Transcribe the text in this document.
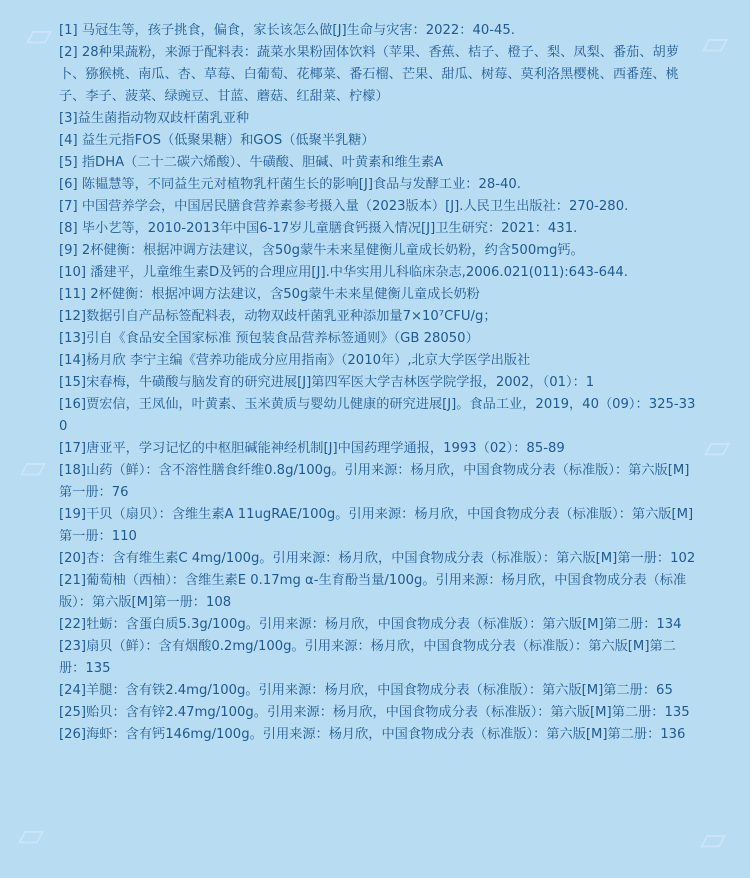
▱	▱
▱	▱
▱	▱
[1] 马冠生等，孩子挑食，偏食，家长该怎么做[J]生命与灾害：2022：40-45.
[2] 28种果蔬粉，来源于配料表：蔬菜水果粉固体饮料（苹果、香蕉、桔子、橙子、梨、凤梨、番茄、胡萝卜、猕猴桃、南瓜、杏、草莓、白葡萄、花椰菜、番石榴、芒果、甜瓜、树莓、莫利洛黑樱桃、西番莲、桃子、李子、菠菜、绿豌豆、甘蓝、蘑菇、红甜菜、柠檬）
[3]益生菌指动物双歧杆菌乳亚种
[4] 益生元指FOS（低聚果糖）和GOS（低聚半乳糖）
[5] 指DHA（二十二碳六烯酸）、牛磺酸、胆碱、叶黄素和维生素A
[6] 陈韫慧等，不同益生元对植物乳杆菌生长的影响[J]食品与发酵工业：28-40.
[7] 中国营养学会，中国居民膳食营养素参考摄入量（2023版本）[J].人民卫生出版社：270-280.
[8] 毕小艺等，2010-2013年中国6-17岁儿童膳食钙摄入情况[J]卫生研究：2021：431.
[9] 2杯健衡：根据冲调方法建议，含50g蒙牛未来星健衡儿童成长奶粉，约含500mg钙。
[10] 潘建平，儿童维生素D及钙的合理应用[J].中华实用儿科临床杂志,2006.021(011):643-644.
[11] 2杯健衡：根据冲调方法建议，含50g蒙牛未来星健衡儿童成长奶粉
[12]数据引自产品标签配料表，动物双歧杆菌乳亚种添加量7×10⁷CFU/g；
[13]引自《食品安全国家标准 预包装食品营养标签通则》（GB 28050）
[14]杨月欣 李宁主编《营养功能成分应用指南》（2010年）,北京大学医学出版社
[15]宋春梅，牛磺酸与脑发育的研究进展[J]第四军医大学吉林医学院学报，2002，（01）：1
[16]贾宏信，王凤仙，叶黄素、玉米黄质与婴幼儿健康的研究进展[J]。食品工业，2019，40（09）：325-330
[17]唐亚平，学习记忆的中枢胆碱能神经机制[J]中国药理学通报，1993（02）：85-89
[18]山药（鲜）：含不溶性膳食纤维0.8g/100g。引用来源：杨月欣，中国食物成分表（标准版）：第六版[M]第一册：76
[19]干贝（扇贝）：含维生素A 11ugRAE/100g。引用来源：杨月欣，中国食物成分表（标准版）：第六版[M]第一册：110
[20]杏：含有维生素C 4mg/100g。引用来源：杨月欣，中国食物成分表（标准版）：第六版[M]第一册：102
[21]葡萄柚（西柚）：含维生素E 0.17mg α-生育酚当量/100g。引用来源：杨月欣，中国食物成分表（标准版）：第六版[M]第一册：108
[22]牡蛎：含蛋白质5.3g/100g。引用来源：杨月欣，中国食物成分表（标准版）：第六版[M]第二册：134
[23]扇贝（鲜）：含有烟酸0.2mg/100g。引用来源：杨月欣，中国食物成分表（标准版）：第六版[M]第二册：135
[24]羊腿：含有铁2.4mg/100g。引用来源：杨月欣，中国食物成分表（标准版）：第六版[M]第二册：65
[25]贻贝：含有锌2.47mg/100g。引用来源：杨月欣，中国食物成分表（标准版）：第六版[M]第二册：135
[26]海虾：含有钙146mg/100g。引用来源：杨月欣，中国食物成分表（标准版）：第六版[M]第二册：136
